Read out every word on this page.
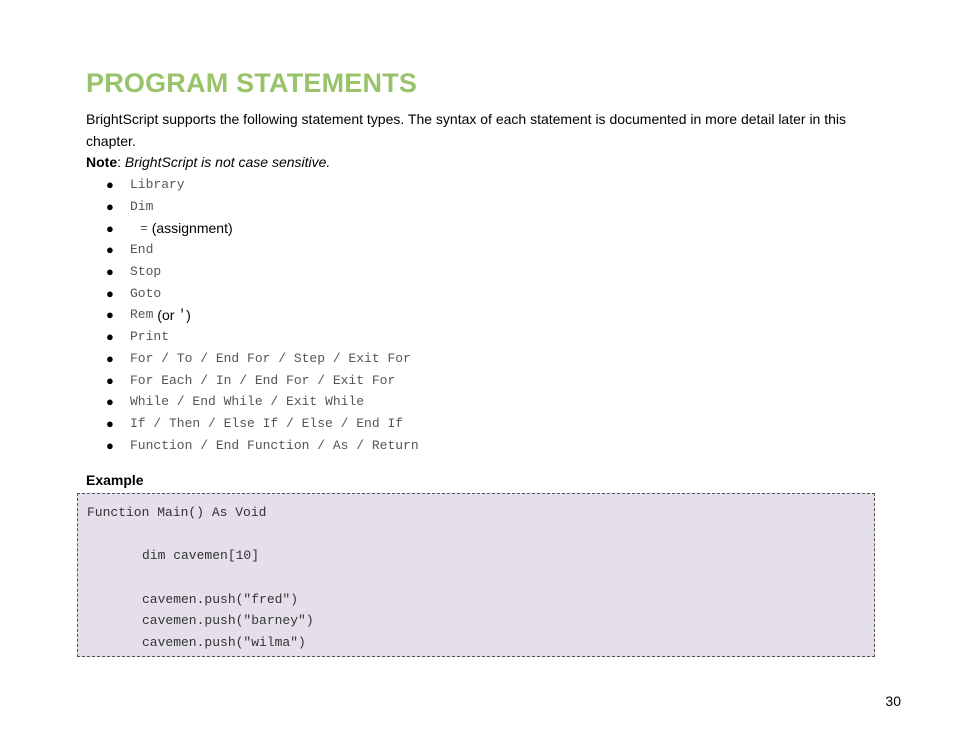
PROGRAM STATEMENTS

BrightScript supports the following statement types. The syntax of each statement is documented in more detail later in this chapter.

Note: BrightScript is not case sensitive.

●	Library
●	Dim
●	= (assignment)
●	End
●	Stop
●	Goto
●	Rem (or ' )
●	Print
●	For / To / End For / Step / Exit For
●	For Each / In / End For / Exit For
●	While / End While / Exit While
●	If / Then / Else If / Else / End If
●	Function / End Function / As / Return

Example

Function Main() As Void
dim cavemen[10]
cavemen.push("fred")
cavemen.push("barney")
cavemen.push("wilma")
30
